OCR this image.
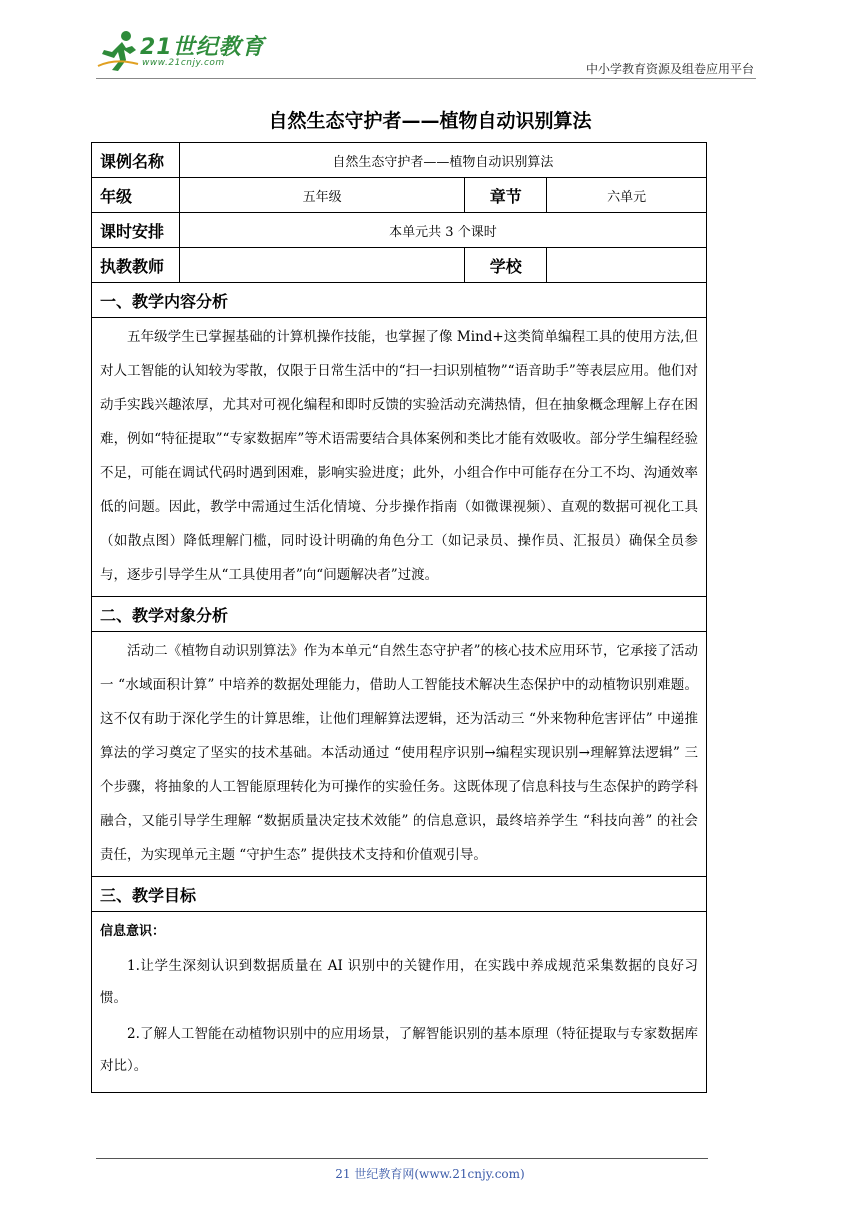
21世纪教育
www.21cnjy.com	中小学教育资源及组卷应用平台
自然生态守护者——植物自动识别算法
课例名称	自然生态守护者——植物自动识别算法		
年级	五年级	章节	六单元
课时安排	本单元共 3 个课时		
执教教师		学校	
一、教学内容分析			
五年级学生已掌握基础的计算机操作技能，也掌握了像 Mind+这类简单编程工具的使用方法,但对人工智能的认知较为零散，仅限于日常生活中的“扫一扫识别植物”“语音助手”等表层应用。他们对动手实践兴趣浓厚，尤其对可视化编程和即时反馈的实验活动充满热情，但在抽象概念理解上存在困难，例如“特征提取”“专家数据库”等术语需要结合具体案例和类比才能有效吸收。部分学生编程经验不足，可能在调试代码时遇到困难，影响实验进度；此外，小组合作中可能存在分工不均、沟通效率低的问题。因此，教学中需通过生活化情境、分步操作指南（如微课视频）、直观的数据可视化工具（如散点图）降低理解门槛，同时设计明确的角色分工（如记录员、操作员、汇报员）确保全员参与，逐步引导学生从“工具使用者”向“问题解决者”过渡。			
二、教学对象分析			
活动二《植物自动识别算法》作为本单元“自然生态守护者”的核心技术应用环节，它承接了活动一 “水域面积计算” 中培养的数据处理能力，借助人工智能技术解决生态保护中的动植物识别难题。这不仅有助于深化学生的计算思维，让他们理解算法逻辑，还为活动三 “外来物种危害评估” 中递推算法的学习奠定了坚实的技术基础。本活动通过 “使用程序识别→编程实现识别→理解算法逻辑” 三个步骤，将抽象的人工智能原理转化为可操作的实验任务。这既体现了信息科技与生态保护的跨学科融合，又能引导学生理解 “数据质量决定技术效能” 的信息意识，最终培养学生 “科技向善” 的社会责任，为实现单元主题 “守护生态” 提供技术支持和价值观引导。			
三、教学目标			

信息意识：
1.让学生深刻认识到数据质量在 AI 识别中的关键作用，在实践中养成规范采集数据的良好习惯。
2.了解人工智能在动植物识别中的应用场景，了解智能识别的基本原理（特征提取与专家数据库对比）。			
21 世纪教育网(www.21cnjy.com)
